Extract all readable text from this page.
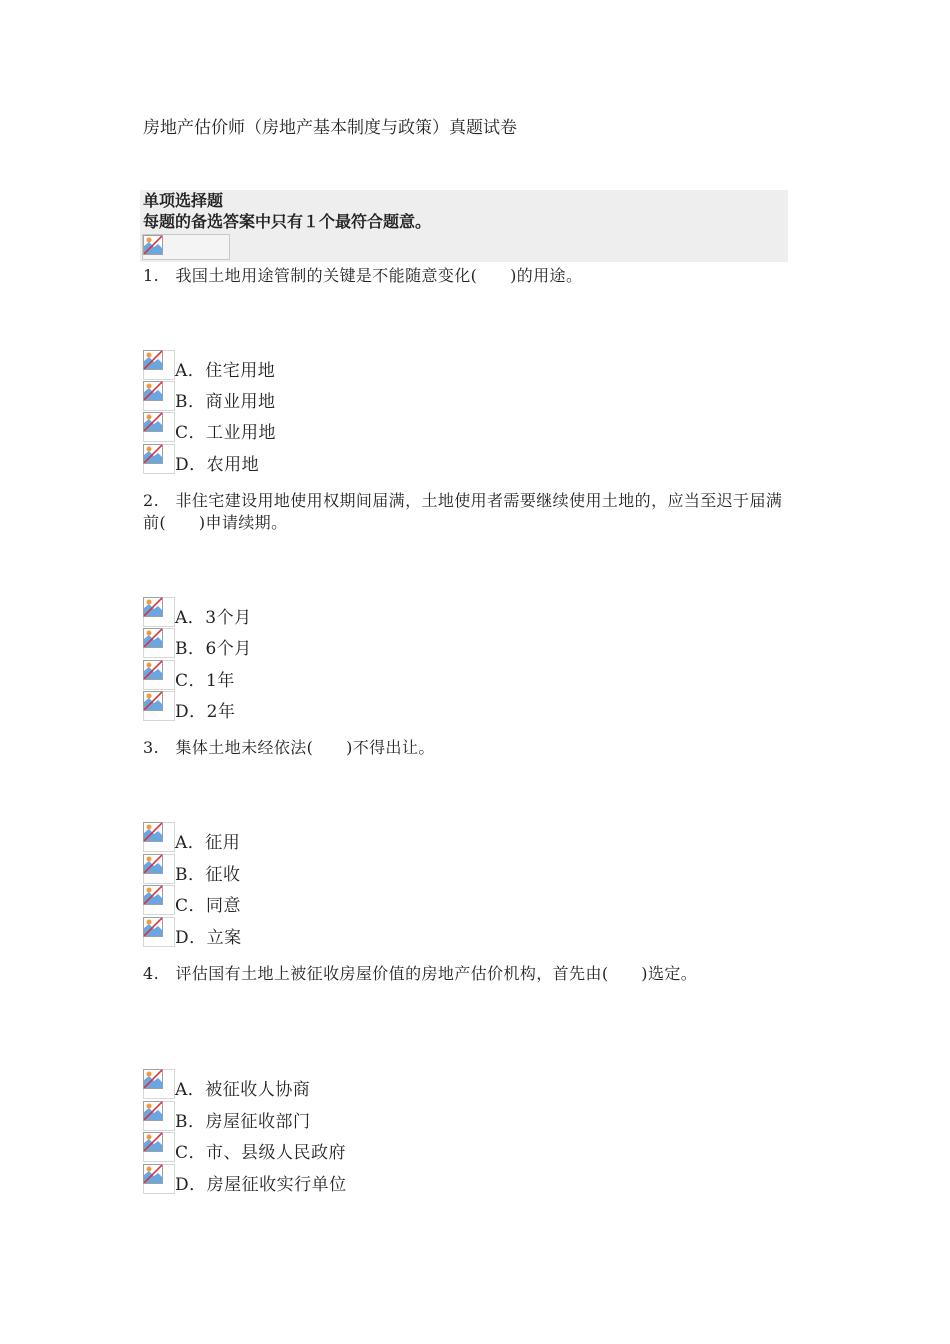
房地产估价师（房地产基本制度与政策）真题试卷
单项选择题
每题的备选答案中只有１个最符合题意。
1.　我国土地用途管制的关键是不能随意变化(　　)的用途。
A．住宅用地
B．商业用地
C．工业用地
D．农用地
2.　非住宅建设用地使用权期间届满，土地使用者需要继续使用土地的，应当至迟于届满前(　　)申请续期。
A．3个月
B．6个月
C．1年
D．2年
3.　集体土地未经依法(　　)不得出让。
A．征用
B．征收
C．同意
D．立案
4.　评估国有土地上被征收房屋价值的房地产估价机构，首先由(　　)选定。
A．被征收人协商
B．房屋征收部门
C．市、县级人民政府
D．房屋征收实行单位
